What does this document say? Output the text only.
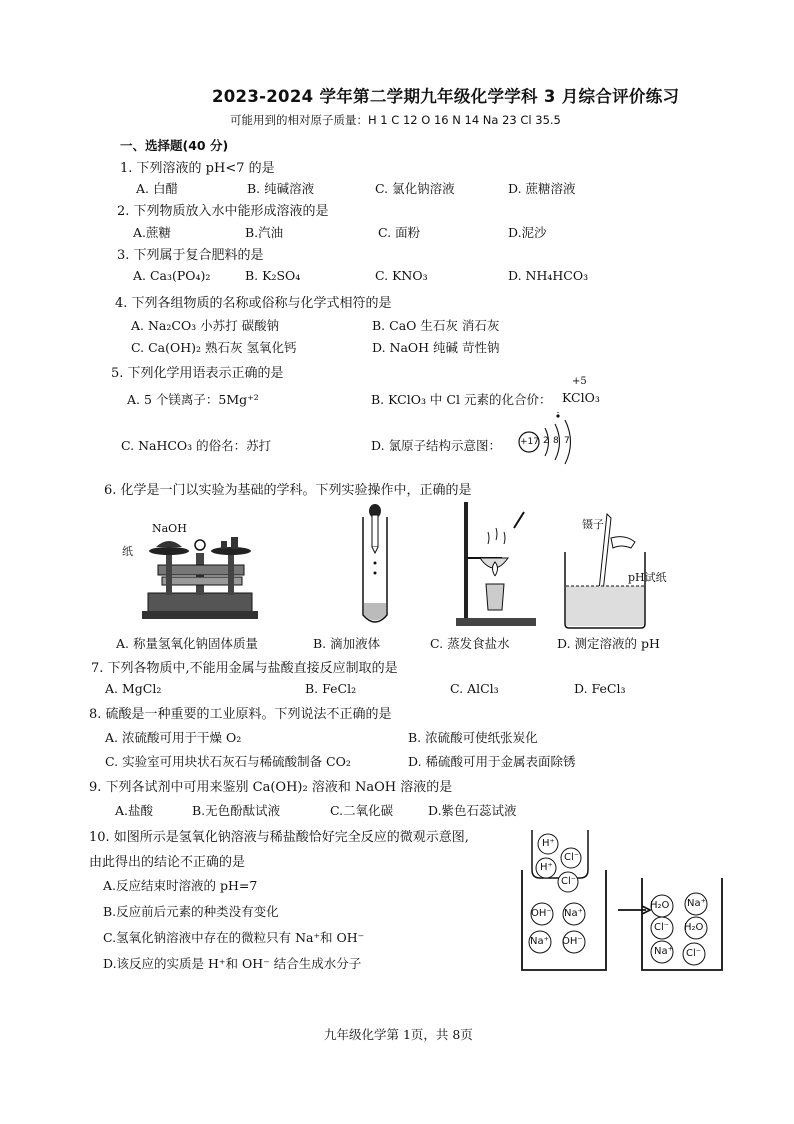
2023-2024 学年第二学期九年级化学学科 3 月综合评价练习
可能用到的相对原子质量：H 1 C 12 O 16 N 14 Na 23 Cl 35.5
一、选择题(40 分)
1. 下列溶液的 pH<7 的是
A. 白醋	B. 纯碱溶液	C. 氯化钠溶液	D. 蔗糖溶液
2. 下列物质放入水中能形成溶液的是
A.蔗糖	B.汽油	C. 面粉	D.泥沙
3. 下列属于复合肥料的是
A. Ca₃(PO₄)₂	B. K₂SO₄	C. KNO₃	D. NH₄HCO₃
4. 下列各组物质的名称或俗称与化学式相符的是
A. Na₂CO₃ 小苏打 碳酸钠	B. CaO 生石灰 消石灰
C. Ca(OH)₂ 熟石灰 氢氧化钙	D. NaOH 纯碱 苛性钠
5. 下列化学用语表示正确的是
A. 5 个镁离子：5Mg⁺²	B. KClO₃ 中 Cl 元素的化合价：
+5
KClO₃
C. NaHCO₃ 的俗名：苏打	D. 氯原子结构示意图： +17 2 8 7
6. 化学是一门以实验为基础的学科。下列实验操作中，正确的是
NaOH
纸
镊子
pH试纸
A. 称量氢氧化钠固体质量	B. 滴加液体	C. 蒸发食盐水	D. 测定溶液的 pH
7. 下列各物质中,不能用金属与盐酸直接反应制取的是
A. MgCl₂	B. FeCl₂	C. AlCl₃	D. FeCl₃
8. 硫酸是一种重要的工业原料。下列说法不正确的是
A. 浓硫酸可用于干燥 O₂	B. 浓硫酸可使纸张炭化
C. 实验室可用块状石灰石与稀硫酸制备 CO₂	D. 稀硫酸可用于金属表面除锈
9. 下列各试剂中可用来鉴别 Ca(OH)₂ 溶液和 NaOH 溶液的是
A.盐酸	B.无色酚酞试液	C.二氧化碳	D.紫色石蕊试液
10. 如图所示是氢氧化钠溶液与稀盐酸恰好完全反应的微观示意图,
由此得出的结论不正确的是
A.反应结束时溶液的 pH=7
B.反应前后元素的种类没有变化
C.氢氧化钠溶液中存在的微粒只有 Na⁺和 OH⁻
D.该反应的实质是 H⁺和 OH⁻ 结合生成水分子
H⁺
Cl⁻
H⁺
Cl⁻
OH⁻ Na⁺
Na⁺ OH⁻
H₂O Na⁺
Cl⁻ H₂O
Na⁺ Cl⁻
九年级化学第 1页，共 8页
